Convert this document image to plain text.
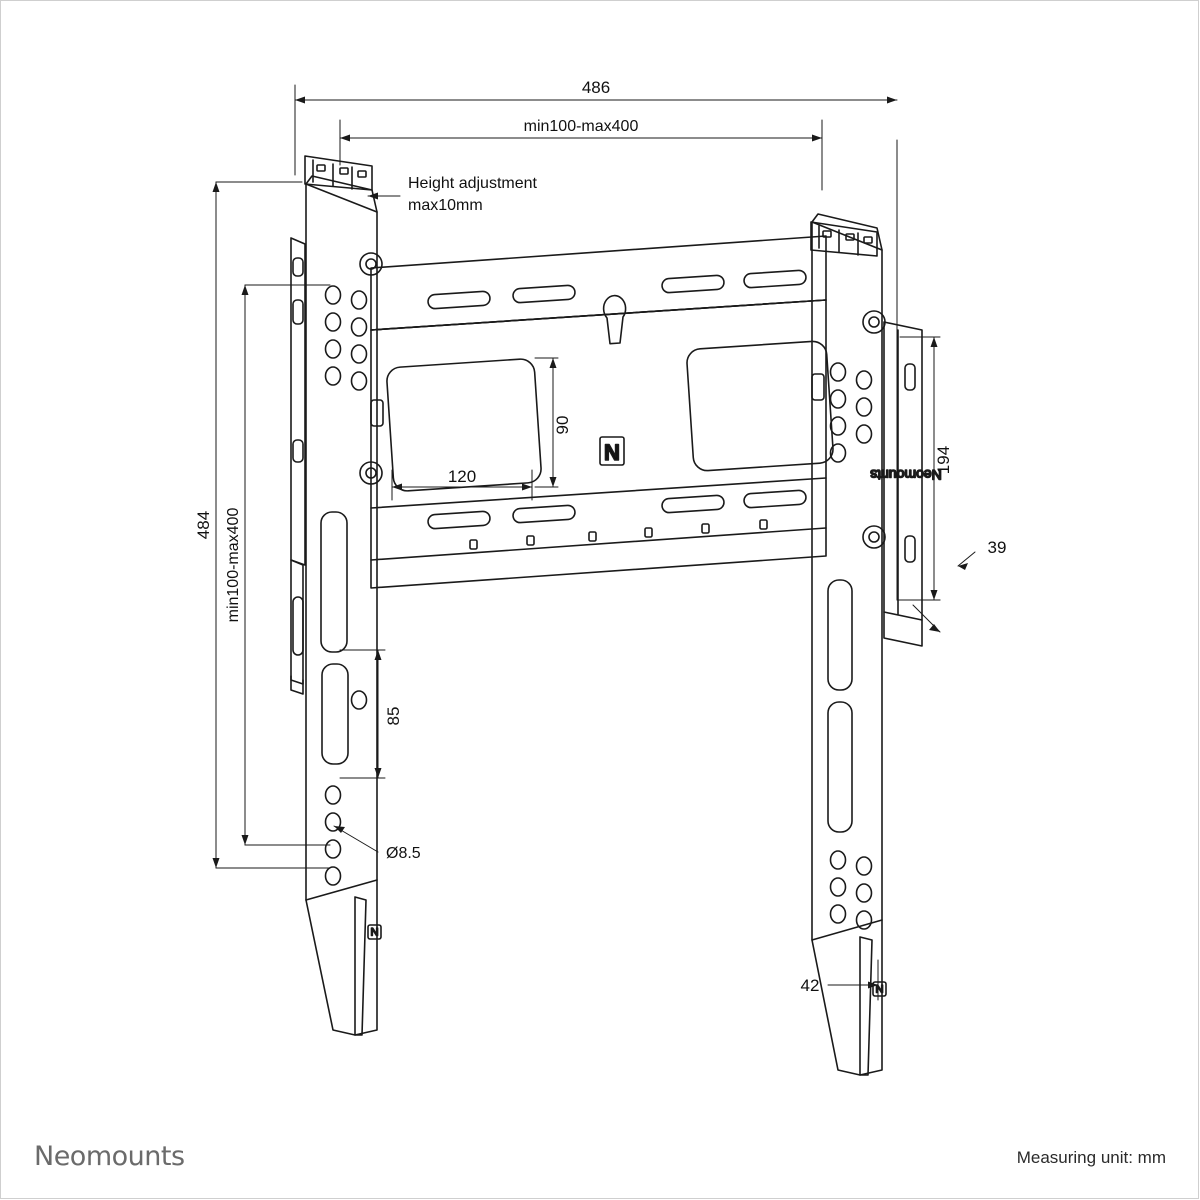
N
N
N
Neomounts
486
min100-max400
Height adjustment
max10mm
484 min100-max400
90
120
85
Ø8.5
194
39
42
Neomounts	Measuring unit: mm
